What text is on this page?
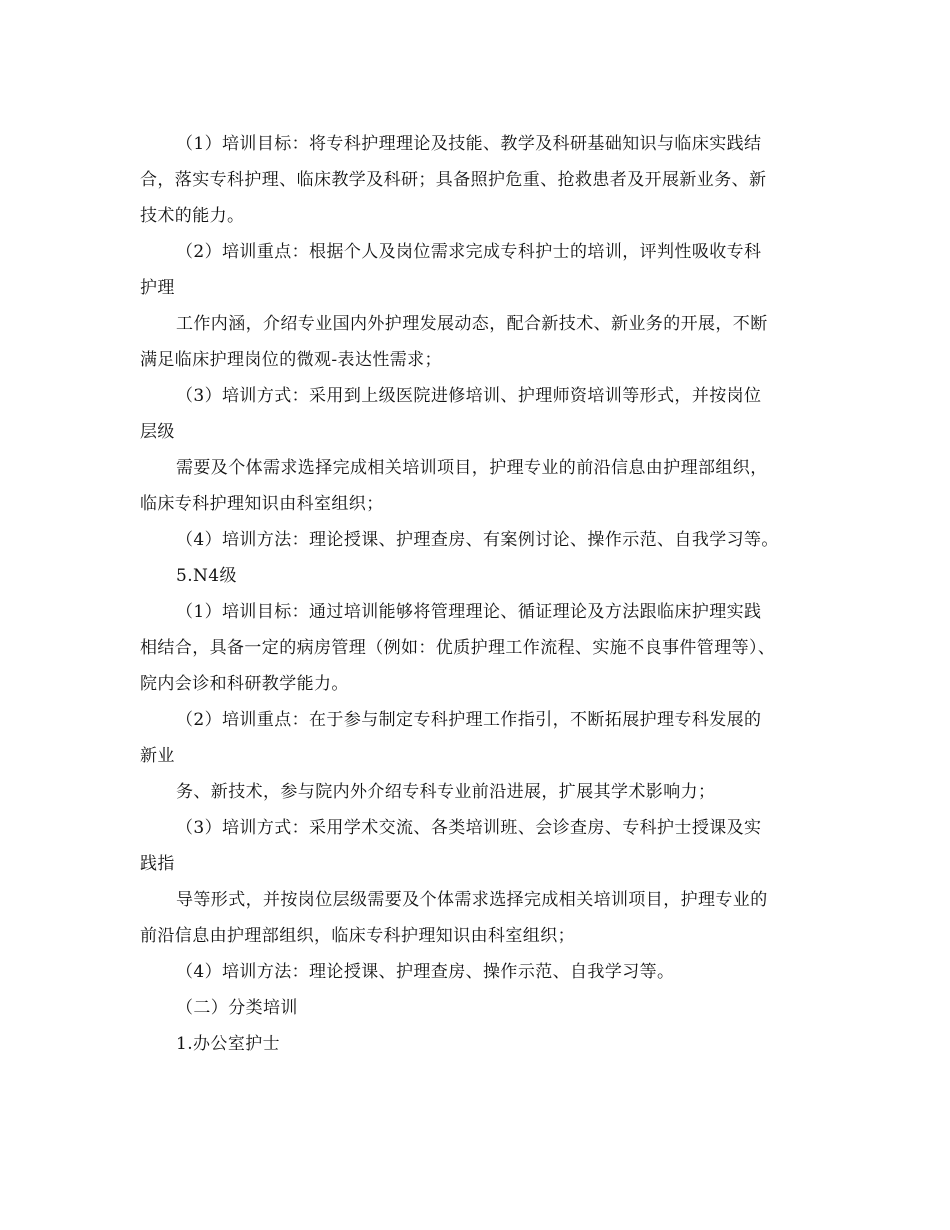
（1）培训目标：将专科护理理论及技能、教学及科研基础知识与临床实践结
合，落实专科护理、临床教学及科研；具备照护危重、抢救患者及开展新业务、新
技术的能力。
（2）培训重点：根据个人及岗位需求完成专科护士的培训，评判性吸收专科
护理
工作内涵，介绍专业国内外护理发展动态，配合新技术、新业务的开展，不断
满足临床护理岗位的微观-表达性需求；
（3）培训方式：采用到上级医院进修培训、护理师资培训等形式，并按岗位
层级
需要及个体需求选择完成相关培训项目，护理专业的前沿信息由护理部组织，
临床专科护理知识由科室组织；
（4）培训方法：理论授课、护理查房、有案例讨论、操作示范、自我学习等。
5.N4级
（1）培训目标：通过培训能够将管理理论、循证理论及方法跟临床护理实践
相结合，具备一定的病房管理（例如：优质护理工作流程、实施不良事件管理等）、
院内会诊和科研教学能力。
（2）培训重点：在于参与制定专科护理工作指引，不断拓展护理专科发展的
新业
务、新技术，参与院内外介绍专科专业前沿进展，扩展其学术影响力；
（3）培训方式：采用学术交流、各类培训班、会诊查房、专科护士授课及实
践指
导等形式，并按岗位层级需要及个体需求选择完成相关培训项目，护理专业的
前沿信息由护理部组织，临床专科护理知识由科室组织；
（4）培训方法：理论授课、护理查房、操作示范、自我学习等。
（二）分类培训
1.办公室护士
